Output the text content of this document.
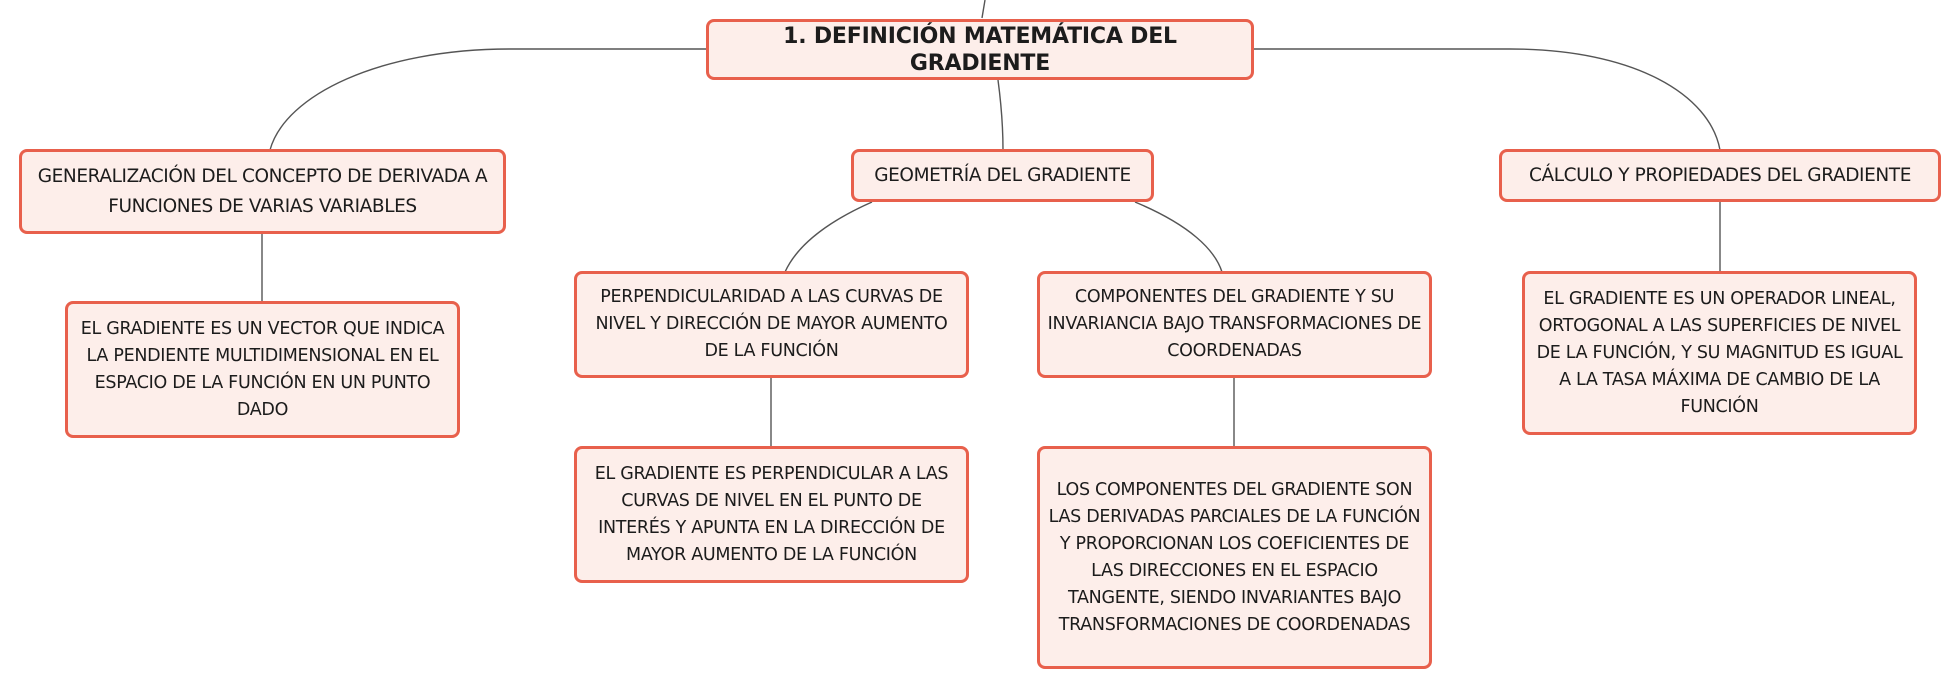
1. DEFINICIÓN MATEMÁTICA DEL GRADIENTE
GENERALIZACIÓN DEL CONCEPTO DE DERIVADA A FUNCIONES DE VARIAS VARIABLES
GEOMETRÍA DEL GRADIENTE	CÁLCULO Y PROPIEDADES DEL GRADIENTE
EL GRADIENTE ES UN VECTOR QUE INDICA LA PENDIENTE MULTIDIMENSIONAL EN EL ESPACIO DE LA FUNCIÓN EN UN PUNTO DADO
PERPENDICULARIDAD A LAS CURVAS DE NIVEL Y DIRECCIÓN DE MAYOR AUMENTO DE LA FUNCIÓN
COMPONENTES DEL GRADIENTE Y SU INVARIANCIA BAJO TRANSFORMACIONES DE COORDENADAS
EL GRADIENTE ES PERPENDICULAR A LAS CURVAS DE NIVEL EN EL PUNTO DE INTERÉS Y APUNTA EN LA DIRECCIÓN DE MAYOR AUMENTO DE LA FUNCIÓN
LOS COMPONENTES DEL GRADIENTE SON LAS DERIVADAS PARCIALES DE LA FUNCIÓN Y PROPORCIONAN LOS COEFICIENTES DE LAS DIRECCIONES EN EL ESPACIO TANGENTE, SIENDO INVARIANTES BAJO TRANSFORMACIONES DE COORDENADAS
EL GRADIENTE ES UN OPERADOR LINEAL, ORTOGONAL A LAS SUPERFICIES DE NIVEL DE LA FUNCIÓN, Y SU MAGNITUD ES IGUAL A LA TASA MÁXIMA DE CAMBIO DE LA FUNCIÓN
